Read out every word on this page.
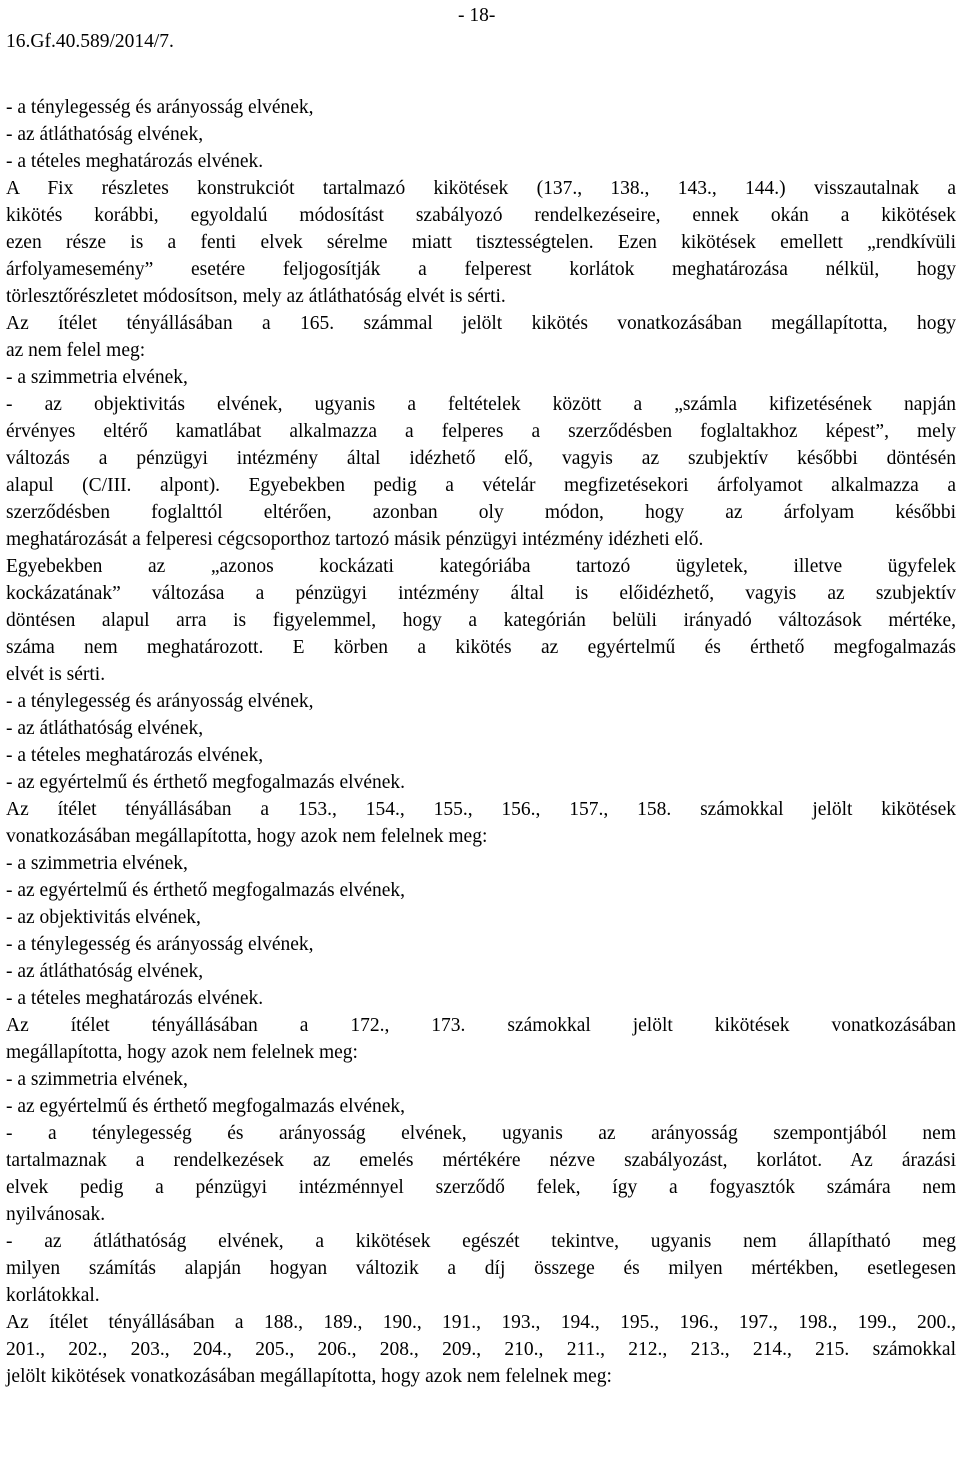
- 18-
16.Gf.40.589/2014/7.
- a ténylegesség és arányosság elvének,
- az átláthatóság elvének,
- a tételes meghatározás elvének.
A Fix részletes konstrukciót tartalmazó kikötések (137., 138., 143., 144.) visszautalnak a
kikötés korábbi, egyoldalú módosítást szabályozó rendelkezéseire, ennek okán a kikötések
ezen része is a fenti elvek sérelme miatt tisztességtelen. Ezen kikötések emellett „rendkívüli
árfolyamesemény” esetére feljogosítják a felperest korlátok meghatározása nélkül, hogy
törlesztőrészletet módosítson, mely az átláthatóság elvét is sérti.
Az ítélet tényállásában a 165. számmal jelölt kikötés vonatkozásában megállapította, hogy
az nem felel meg:
- a szimmetria elvének,
- az objektivitás elvének, ugyanis a feltételek között a „számla kifizetésének napján
érvényes eltérő kamatlábat alkalmazza a felperes a szerződésben foglaltakhoz képest”, mely
változás a pénzügyi intézmény által idézhető elő, vagyis az szubjektív későbbi döntésén
alapul (C/III. alpont). Egyebekben pedig a vételár megfizetésekori árfolyamot alkalmazza a
szerződésben foglalttól eltérően, azonban oly módon, hogy az árfolyam későbbi
meghatározását a felperesi cégcsoporthoz tartozó másik pénzügyi intézmény idézheti elő.
Egyebekben az „azonos kockázati kategóriába tartozó ügyletek, illetve ügyfelek
kockázatának” változása a pénzügyi intézmény által is előidézhető, vagyis az szubjektív
döntésen alapul arra is figyelemmel, hogy a kategórián belüli irányadó változások mértéke,
száma nem meghatározott. E körben a kikötés az egyértelmű és érthető megfogalmazás
elvét is sérti.
- a ténylegesség és arányosság elvének,
- az átláthatóság elvének,
- a tételes meghatározás elvének,
- az egyértelmű és érthető megfogalmazás elvének.
Az ítélet tényállásában a 153., 154., 155., 156., 157., 158. számokkal jelölt kikötések
vonatkozásában megállapította, hogy azok nem felelnek meg:
- a szimmetria elvének,
- az egyértelmű és érthető megfogalmazás elvének,
- az objektivitás elvének,
- a ténylegesség és arányosság elvének,
- az átláthatóság elvének,
- a tételes meghatározás elvének.
Az ítélet tényállásában a 172., 173. számokkal jelölt kikötések vonatkozásában
megállapította, hogy azok nem felelnek meg:
- a szimmetria elvének,
- az egyértelmű és érthető megfogalmazás elvének,
- a ténylegesség és arányosság elvének, ugyanis az arányosság szempontjából nem
tartalmaznak a rendelkezések az emelés mértékére nézve szabályozást, korlátot. Az árazási
elvek pedig a pénzügyi intézménnyel szerződő felek, így a fogyasztók számára nem
nyilvánosak.
- az átláthatóság elvének, a kikötések egészét tekintve, ugyanis nem állapítható meg
milyen számítás alapján hogyan változik a díj összege és milyen mértékben, esetlegesen
korlátokkal.
Az ítélet tényállásában a 188., 189., 190., 191., 193., 194., 195., 196., 197., 198., 199., 200.,
201., 202., 203., 204., 205., 206., 208., 209., 210., 211., 212., 213., 214., 215. számokkal
jelölt kikötések vonatkozásában megállapította, hogy azok nem felelnek meg:
